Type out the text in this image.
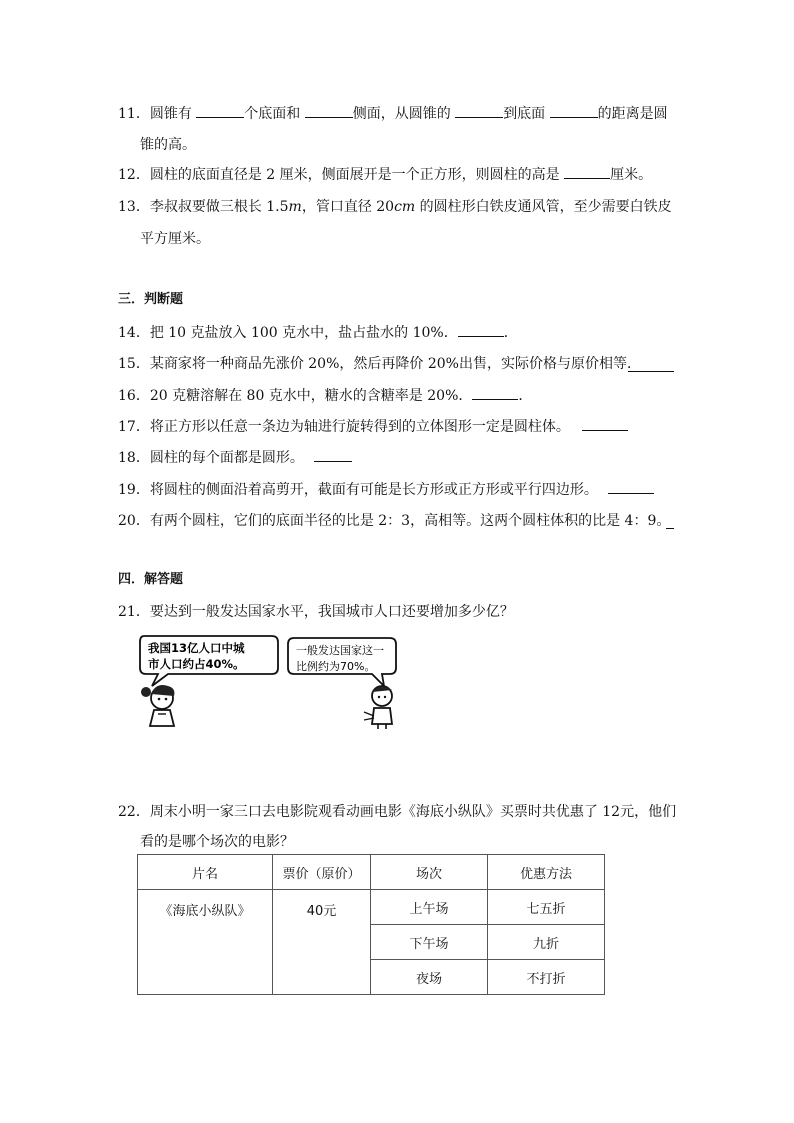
11．圆锥有	个底面和	侧面，从圆锥的	到底面	的距离是圆
锥的高。
12．圆柱的底面直径是 2 厘米，侧面展开是一个正方形，则圆柱的高是	厘米。
13．李叔叔要做三根长 1.5m，管口直径 20cm 的圆柱形白铁皮通风管，至少需要白铁皮
平方厘米。
三．判断题
14．把 10 克盐放入 100 克水中，盐占盐水的 10%．	．
15．某商家将一种商品先涨价 20%，然后再降价 20%出售，实际价格与原价相等．
16．20 克糖溶解在 80 克水中，糖水的含糖率是 20%．	．
17．将正方形以任意一条边为轴进行旋转得到的立体图形一定是圆柱体。
18．圆柱的每个面都是圆形。
19．将圆柱的侧面沿着高剪开，截面有可能是长方形或正方形或平行四边形。
20．有两个圆柱，它们的底面半径的比是 2：3，高相等。这两个圆柱体积的比是 4：9。
四．解答题
21．要达到一般发达国家水平，我国城市人口还要增加多少亿？
我国13亿人口中城
市人口约占40%。
一般发达国家这一
比例约为70%。
22．周末小明一家三口去电影院观看动画电影《海底小纵队》买票时共优惠了 12元，他们
看的是哪个场次的电影？
片名	票价（原价）	场次	优惠方法
《海底小纵队》	40元	上午场	七五折
		下午场	九折
		夜场	不打折
